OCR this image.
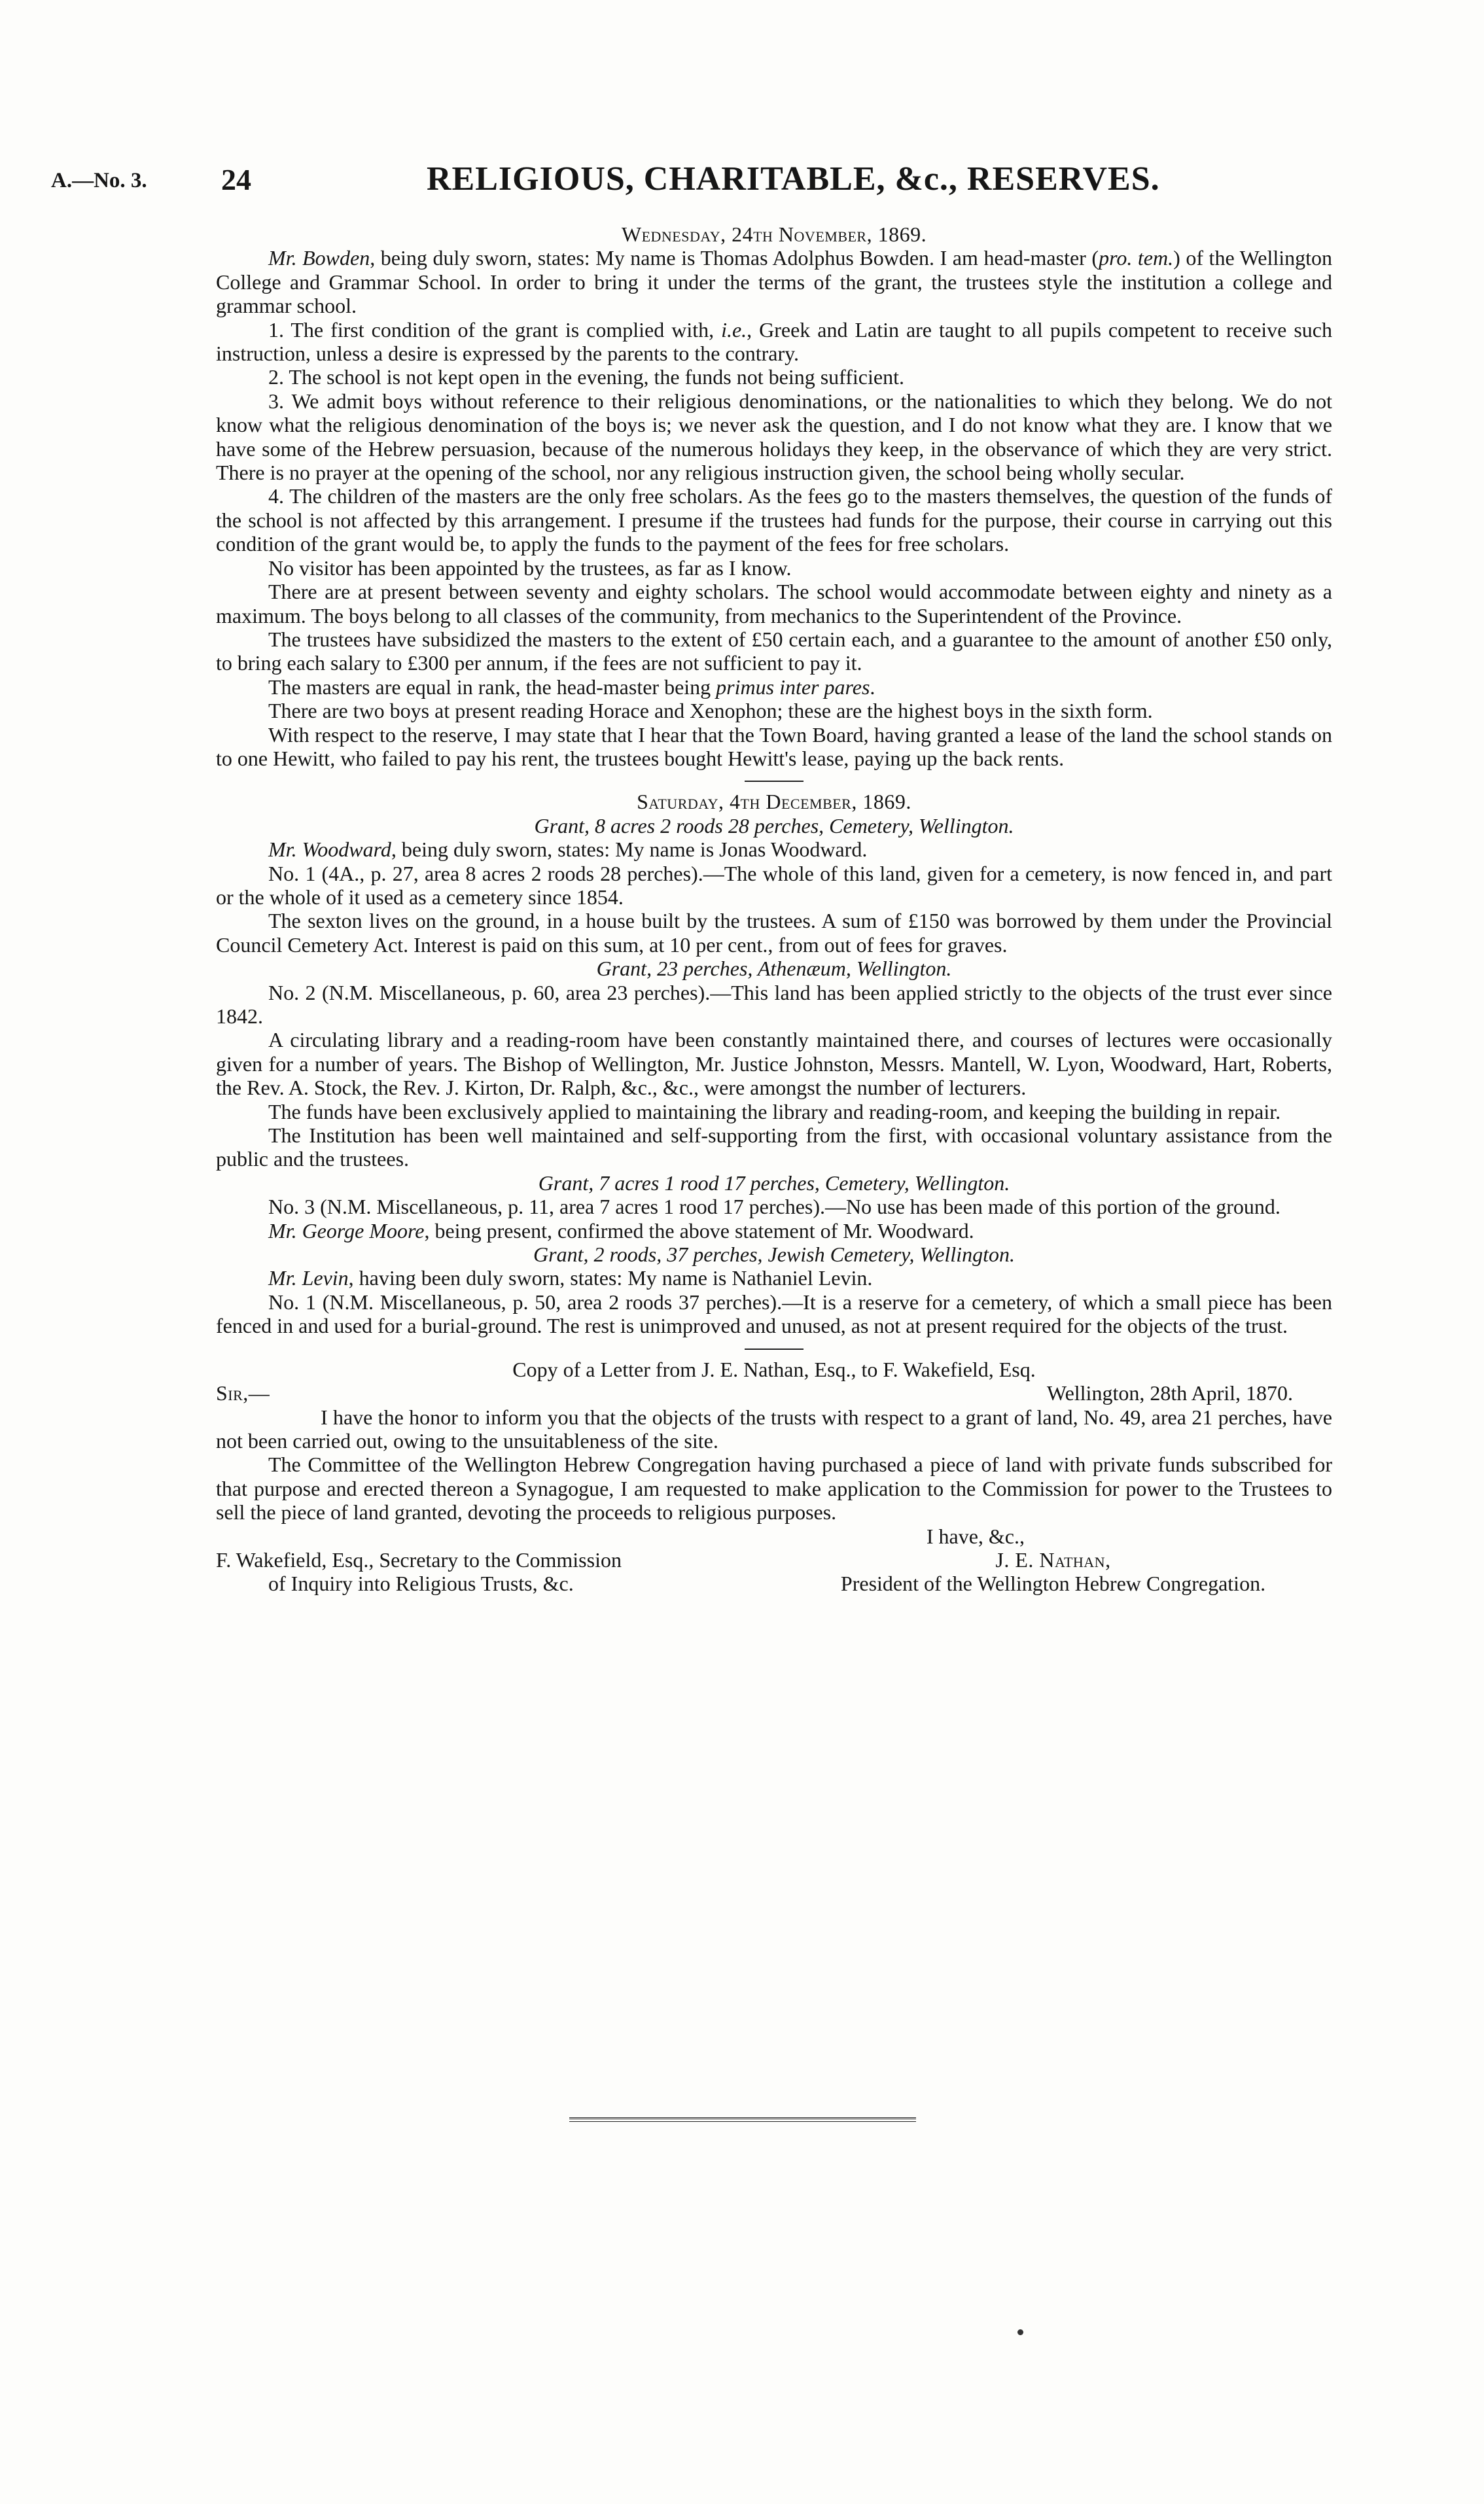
A.—No. 3. 24	RELIGIOUS, CHARITABLE, &c., RESERVES.

Wednesday, 24th November, 1869.

Mr. Bowden, being duly sworn, states: My name is Thomas Adolphus Bowden. I am head-master (pro. tem.) of the Wellington College and Grammar School. In order to bring it under the terms of the grant, the trustees style the institution a college and grammar school.

1. The first condition of the grant is complied with, i.e., Greek and Latin are taught to all pupils competent to receive such instruction, unless a desire is expressed by the parents to the contrary.

2. The school is not kept open in the evening, the funds not being sufficient.

3. We admit boys without reference to their religious denominations, or the nationalities to which they belong. We do not know what the religious denomination of the boys is; we never ask the question, and I do not know what they are. I know that we have some of the Hebrew persuasion, because of the numerous holidays they keep, in the observance of which they are very strict. There is no prayer at the opening of the school, nor any religious instruction given, the school being wholly secular.

4. The children of the masters are the only free scholars. As the fees go to the masters themselves, the question of the funds of the school is not affected by this arrangement. I presume if the trustees had funds for the purpose, their course in carrying out this condition of the grant would be, to apply the funds to the payment of the fees for free scholars.

No visitor has been appointed by the trustees, as far as I know.

There are at present between seventy and eighty scholars. The school would accommodate between eighty and ninety as a maximum. The boys belong to all classes of the community, from mechanics to the Superintendent of the Province.

The trustees have subsidized the masters to the extent of £50 certain each, and a guarantee to the amount of another £50 only, to bring each salary to £300 per annum, if the fees are not sufficient to pay it.

The masters are equal in rank, the head-master being primus inter pares.

There are two boys at present reading Horace and Xenophon; these are the highest boys in the sixth form.

With respect to the reserve, I may state that I hear that the Town Board, having granted a lease of the land the school stands on to one Hewitt, who failed to pay his rent, the trustees bought Hewitt's lease, paying up the back rents.

Saturday, 4th December, 1869.

Grant, 8 acres 2 roods 28 perches, Cemetery, Wellington.

Mr. Woodward, being duly sworn, states: My name is Jonas Woodward.

No. 1 (4A., p. 27, area 8 acres 2 roods 28 perches).—The whole of this land, given for a cemetery, is now fenced in, and part or the whole of it used as a cemetery since 1854.

The sexton lives on the ground, in a house built by the trustees. A sum of £150 was borrowed by them under the Provincial Council Cemetery Act. Interest is paid on this sum, at 10 per cent., from out of fees for graves.

Grant, 23 perches, Athenæum, Wellington.

No. 2 (N.M. Miscellaneous, p. 60, area 23 perches).—This land has been applied strictly to the objects of the trust ever since 1842.

A circulating library and a reading-room have been constantly maintained there, and courses of lectures were occasionally given for a number of years. The Bishop of Wellington, Mr. Justice Johnston, Messrs. Mantell, W. Lyon, Woodward, Hart, Roberts, the Rev. A. Stock, the Rev. J. Kirton, Dr. Ralph, &c., &c., were amongst the number of lecturers.

The funds have been exclusively applied to maintaining the library and reading-room, and keeping the building in repair.

The Institution has been well maintained and self-supporting from the first, with occasional voluntary assistance from the public and the trustees.

Grant, 7 acres 1 rood 17 perches, Cemetery, Wellington.

No. 3 (N.M. Miscellaneous, p. 11, area 7 acres 1 rood 17 perches).—No use has been made of this portion of the ground.

Mr. George Moore, being present, confirmed the above statement of Mr. Woodward.

Grant, 2 roods, 37 perches, Jewish Cemetery, Wellington.

Mr. Levin, having been duly sworn, states: My name is Nathaniel Levin.

No. 1 (N.M. Miscellaneous, p. 50, area 2 roods 37 perches).—It is a reserve for a cemetery, of which a small piece has been fenced in and used for a burial-ground. The rest is unimproved and unused, as not at present required for the objects of the trust.

Copy of a Letter from J. E. Nathan, Esq., to F. Wakefield, Esq.

Sir,—	Wellington, 28th April, 1870.

I have the honor to inform you that the objects of the trusts with respect to a grant of land, No. 49, area 21 perches, have not been carried out, owing to the unsuitableness of the site.

The Committee of the Wellington Hebrew Congregation having purchased a piece of land with private funds subscribed for that purpose and erected thereon a Synagogue, I am requested to make application to the Commission for power to the Trustees to sell the piece of land granted, devoting the proceeds to religious purposes.

I have, &c.,

F. Wakefield, Esq., Secretary to the Commission
of Inquiry into Religious Trusts, &c.
J. E. Nathan,
President of the Wellington Hebrew Congregation.
